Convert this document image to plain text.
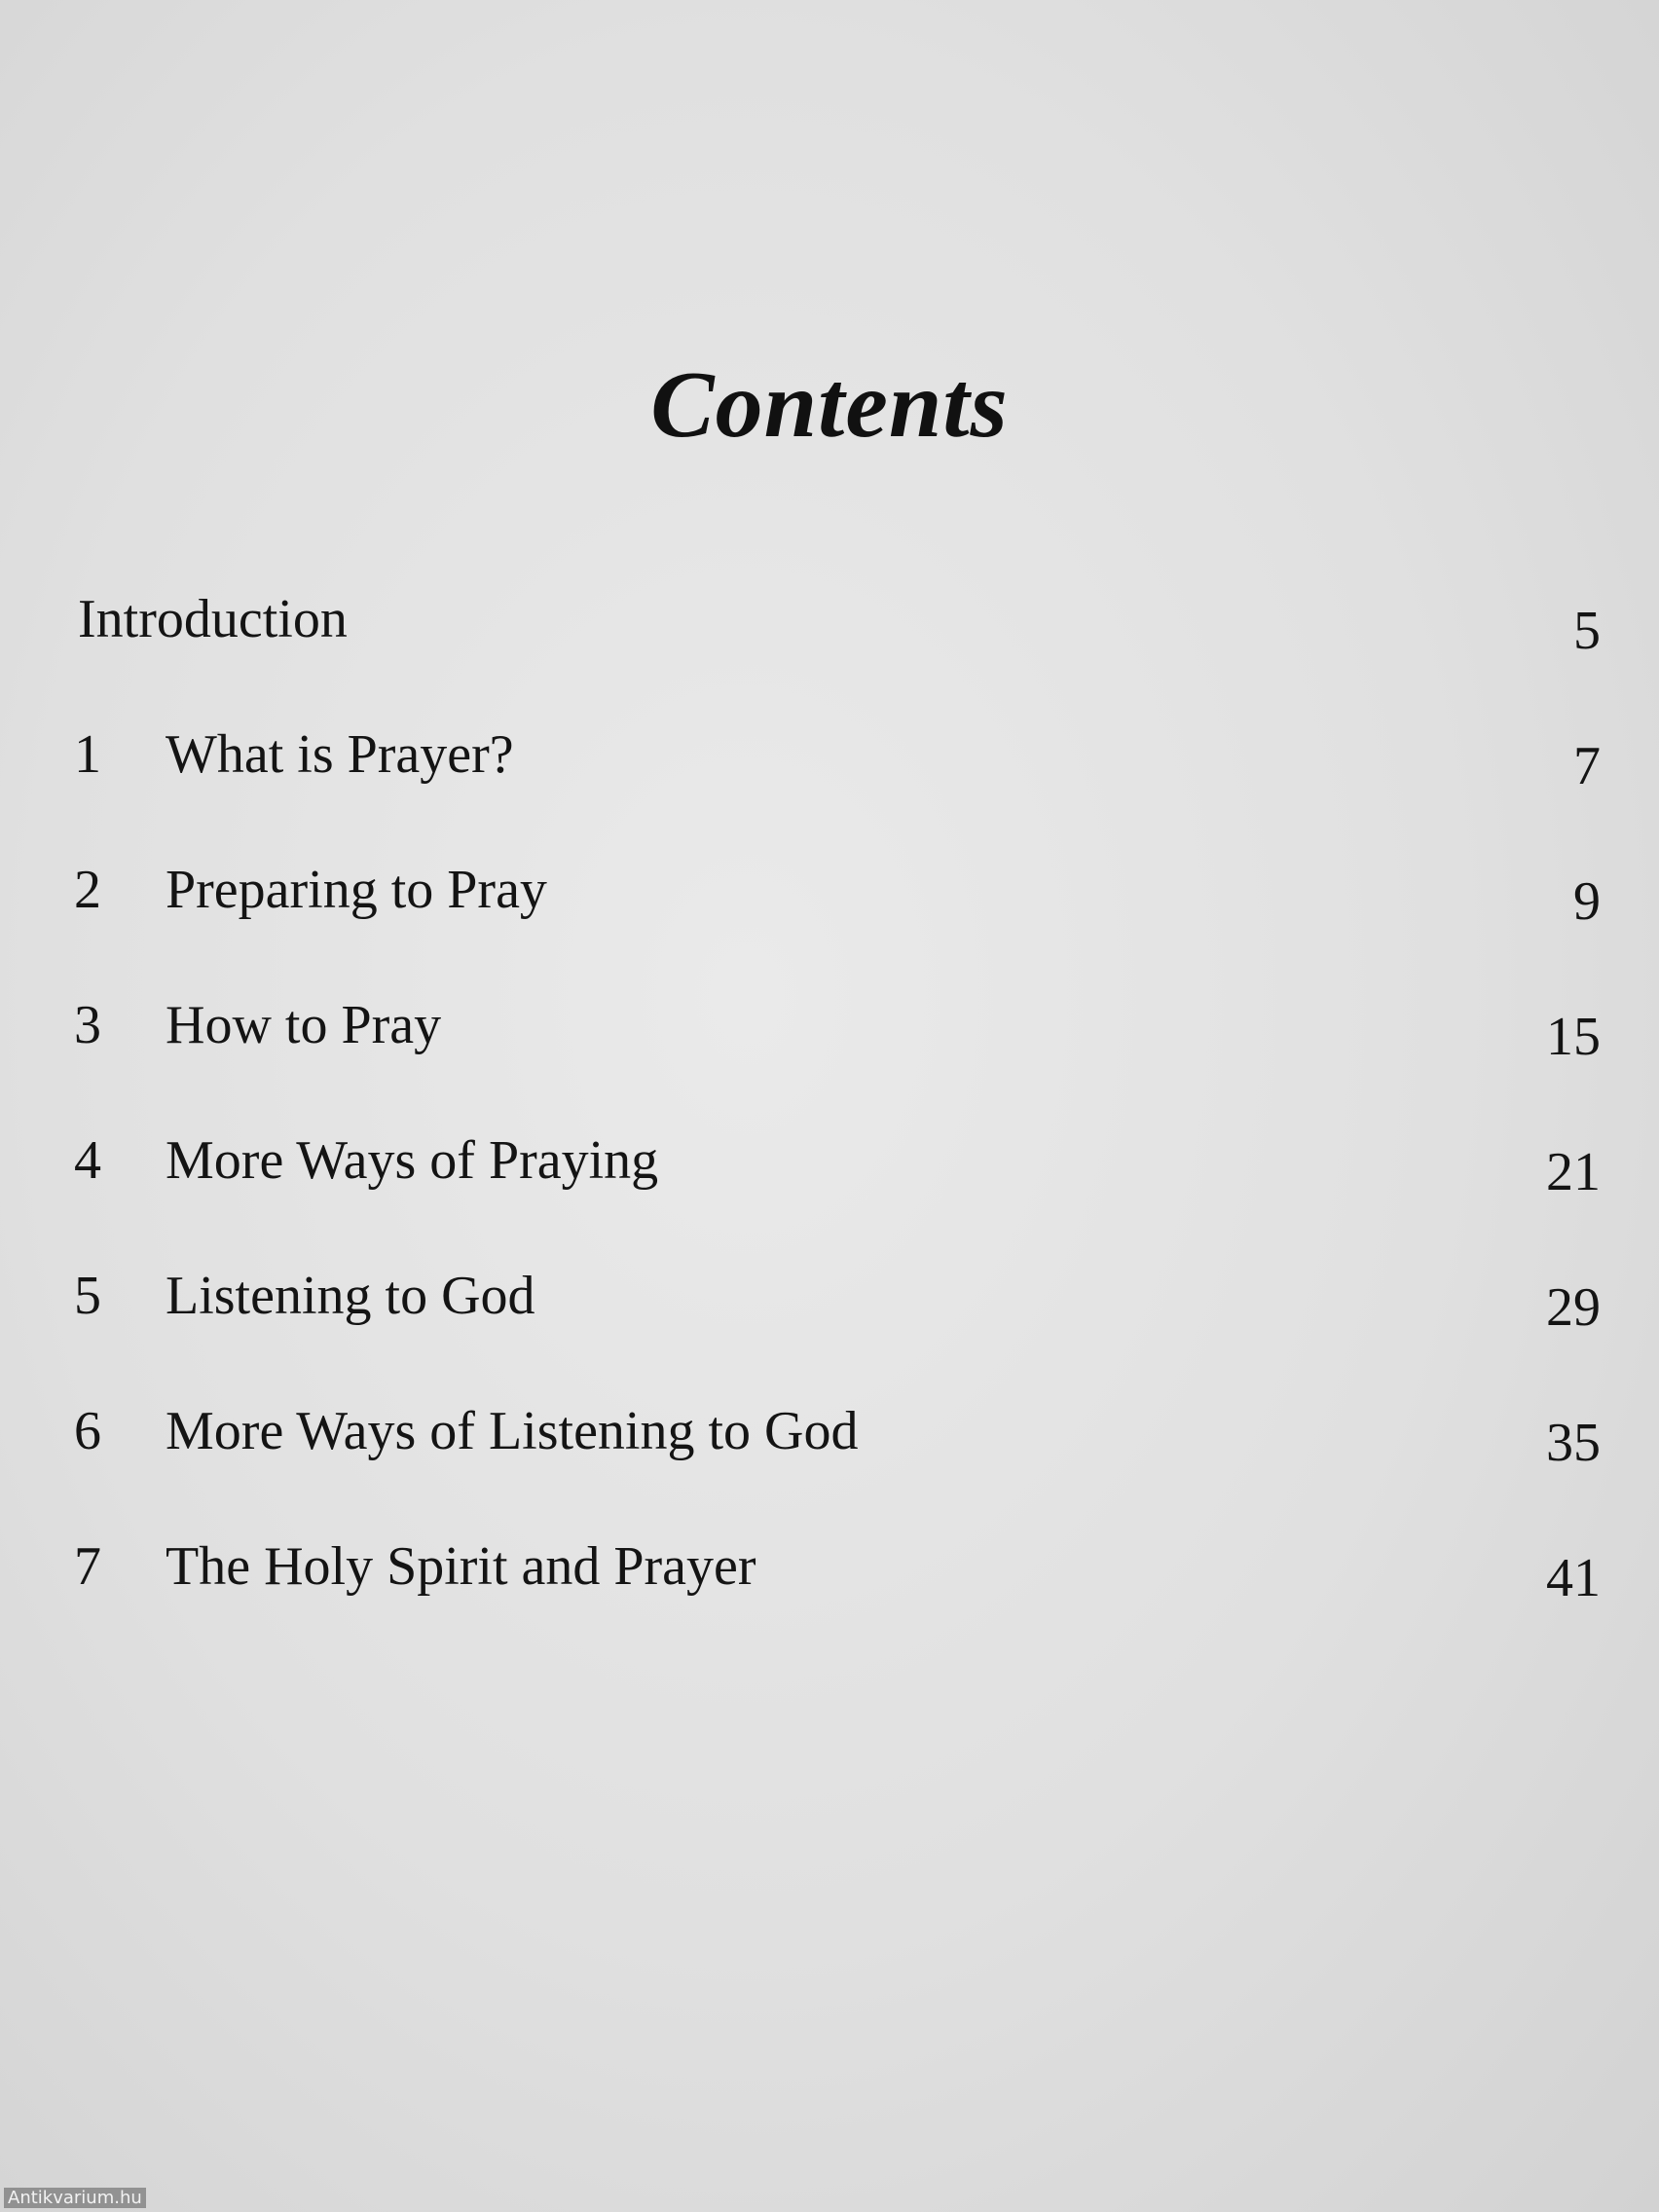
Contents
Introduction	5
1 What is Prayer?	7
2 Preparing to Pray	9
3 How to Pray	15
4 More Ways of Praying	21
5 Listening to God	29
6 More Ways of Listening to God	35
7 The Holy Spirit and Prayer	41
Antikvarium.hu
